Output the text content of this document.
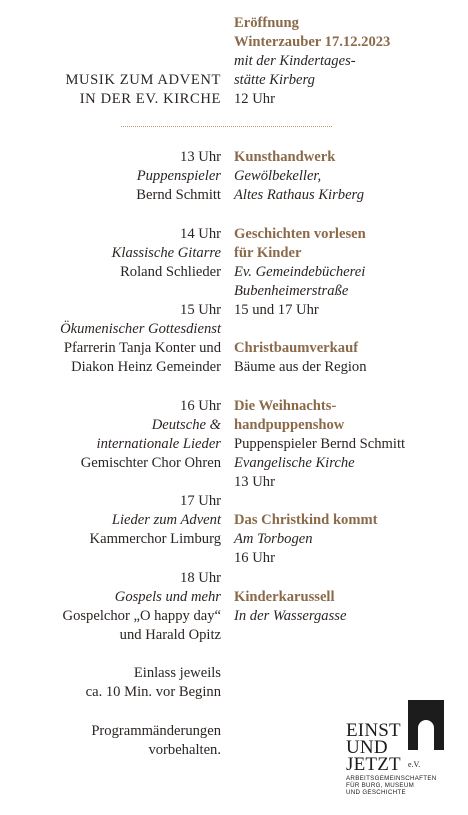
MUSIK ZUM ADVENT
IN DER EV. KIRCHE
13 Uhr
Puppenspieler
Bernd Schmitt
14 Uhr
Klassische Gitarre
Roland Schlieder
15 Uhr
Ökumenischer Gottesdienst
Pfarrerin Tanja Konter und
Diakon Heinz Gemeinder
16 Uhr
Deutsche &
internationale Lieder
Gemischter Chor Ohren
17 Uhr
Lieder zum Advent
Kammerchor Limburg
18 Uhr
Gospels und mehr
Gospelchor „O happy day“
und Harald Opitz
Einlass jeweils
ca. 10 Min. vor Beginn
Programmänderungen
vorbehalten.
Eröffnung
Winterzauber 17.12.2023
mit der Kindertages-
stätte Kirberg
12 Uhr
Kunsthandwerk
Gewölbekeller,
Altes Rathaus Kirberg
Geschichten vorlesen
für Kinder
Ev. Gemeindebücherei
Bubenheimerstraße
15 und 17 Uhr
Christbaumverkauf
Bäume aus der Region
Die Weihnachts-
handpuppenshow
Puppenspieler Bernd Schmitt
Evangelische Kirche
13 Uhr
Das Christkind kommt
Am Torbogen
16 Uhr
Kinderkarussell
In der Wassergasse
EINST
UND
JETZT e.V.
ARBEITSGEMEINSCHAFTEN
FÜR BURG, MUSEUM
UND GESCHICHTE
